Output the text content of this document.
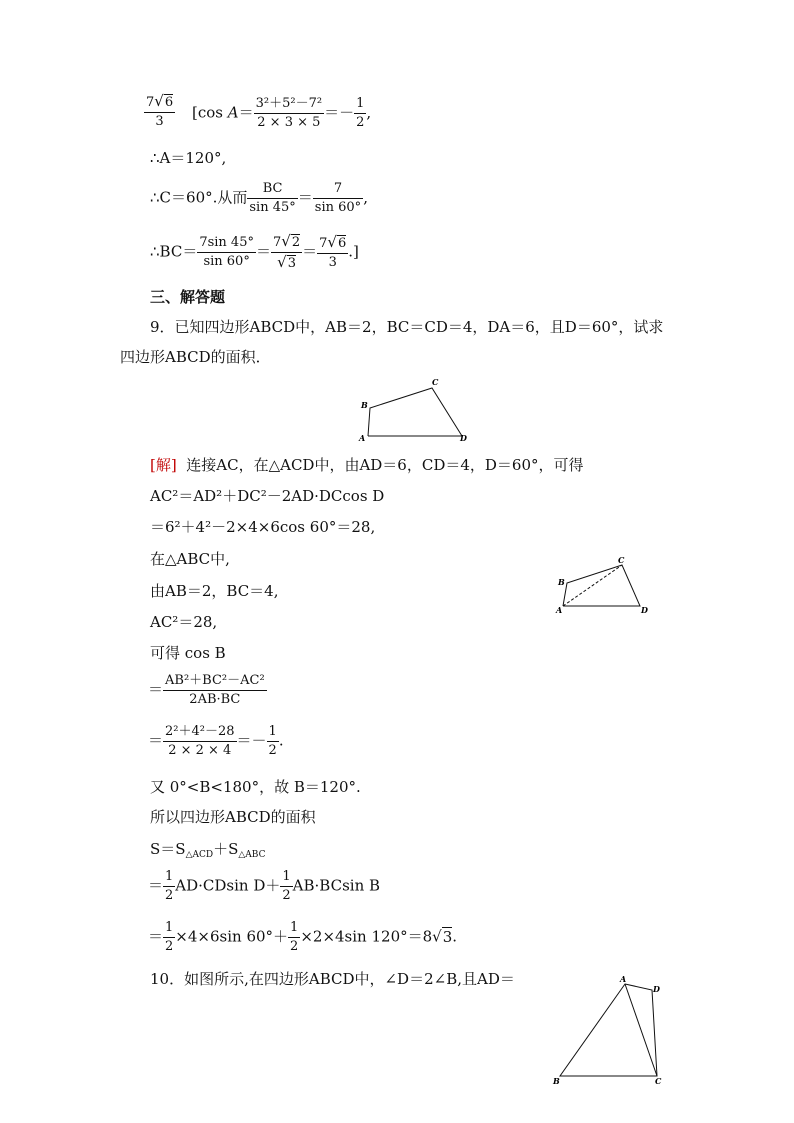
$\frac{7√6}{3} [\cos$ $A= \frac{\text{3²＋5²－7²}}{2 \times 3 \times 5} =- \frac{1}{2}$ ,
∴A＝120°,
∴C＝60°.从而 $\frac{BC}{\sin 45^\circ} = \frac{7}{\sin 60^\circ}$ ,
∴BC＝ $\frac{7\sin 45^\circ}{\sin 60^\circ} = \frac{7√2}{√3} = \frac{7√6}{3}$ .]
三、解答题
9．已知四边形ABCD中，AB＝2，BC＝CD＝4，DA＝6，且D＝60°，试求
四边形ABCD的面积．
B
C
A	D
[解] 连接AC，在△ACD中，由AD＝6，CD＝4，D＝60°，可得
AC²＝AD²＋DC²－2AD·DCcos D
＝6²＋4²－2×4×6cos 60°＝28,
在△ABC中,
由AB＝2，BC＝4,
AC²＝28,
可得 cos B
＝ $\frac{\text{AB²＋BC²－AC²}}{2AB\cdot BC}$
＝ $\frac{\text{2²＋4²－28}}{2 \times 2 \times 4} =- \frac{1}{2}$ .
又 0°<B<180°，故 B＝120°.
所以四边形ABCD的面积
$S=S_{\triangle ACD}+S_{\triangle ABC}$
＝ $\frac{1}{2} AD\cdot CDsin$ $D+ \frac{1}{2} AB\cdot BCsin$ B
＝ $\frac{1}{2} \times 4\times 6\sin$ $60^\circ+ \frac{1}{2} \times 2\times 4\sin$ 120°＝8√3.
C
B
A	D
10．如图所示,在四边形ABCD中，∠D＝2∠B,且AD＝	A
D
B	C
